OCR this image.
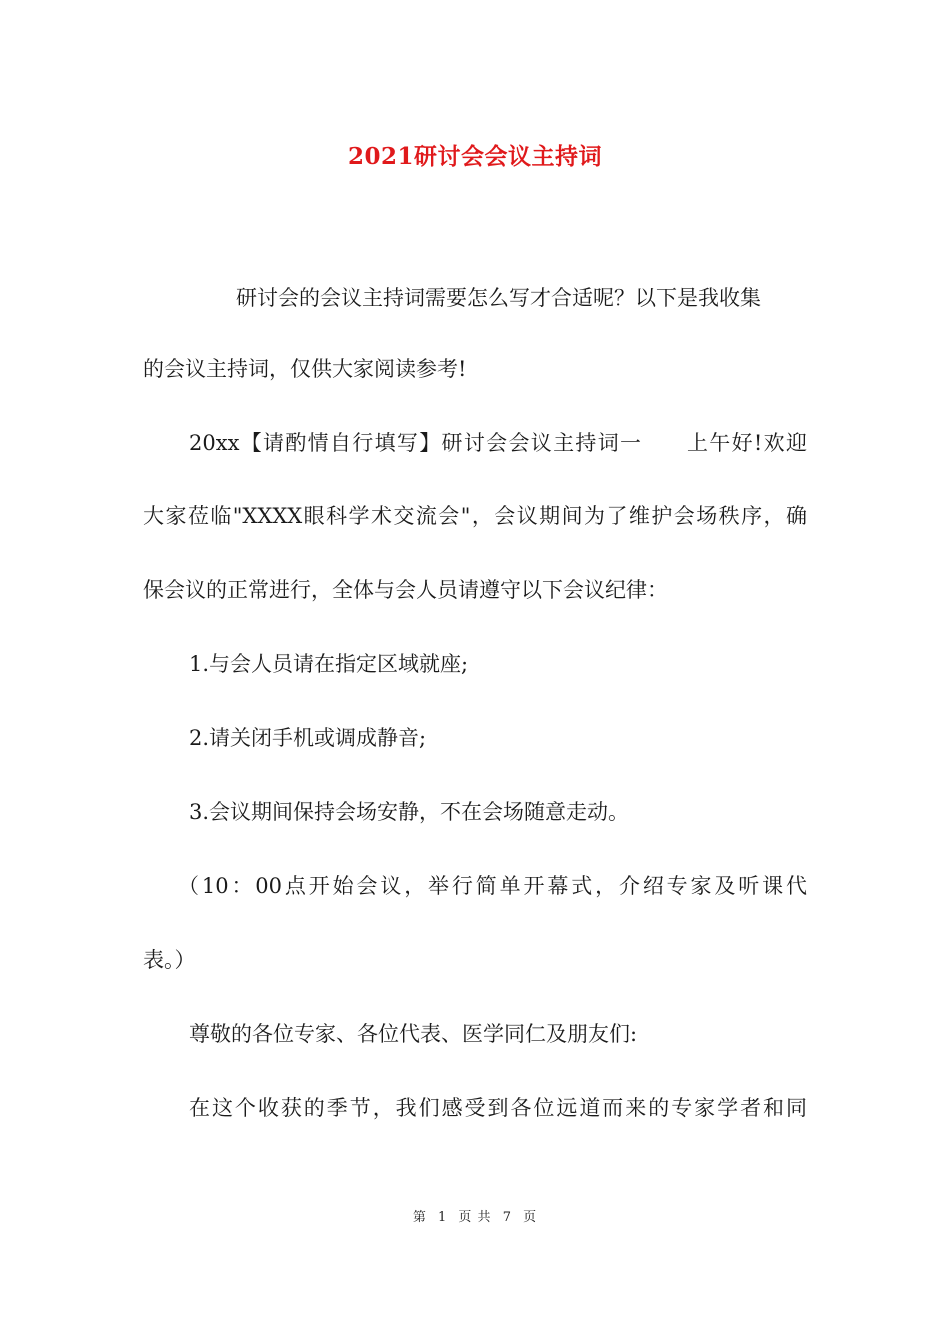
2021研讨会会议主持词
研讨会的会议主持词需要怎么写才合适呢？以下是我收集
的会议主持词，仅供大家阅读参考!
20xx【请酌情自行填写】研讨会会议主持词一　　上午好!欢迎
大家莅临"XXXX眼科学术交流会"，会议期间为了维护会场秩序，确
保会议的正常进行，全体与会人员请遵守以下会议纪律：
1.与会人员请在指定区域就座;
2.请关闭手机或调成静音;
3.会议期间保持会场安静，不在会场随意走动。
（10：00点开始会议，举行简单开幕式，介绍专家及听课代
表。）
尊敬的各位专家、各位代表、医学同仁及朋友们:
在这个收获的季节，我们感受到各位远道而来的专家学者和同
第 1 页 共 7 页
